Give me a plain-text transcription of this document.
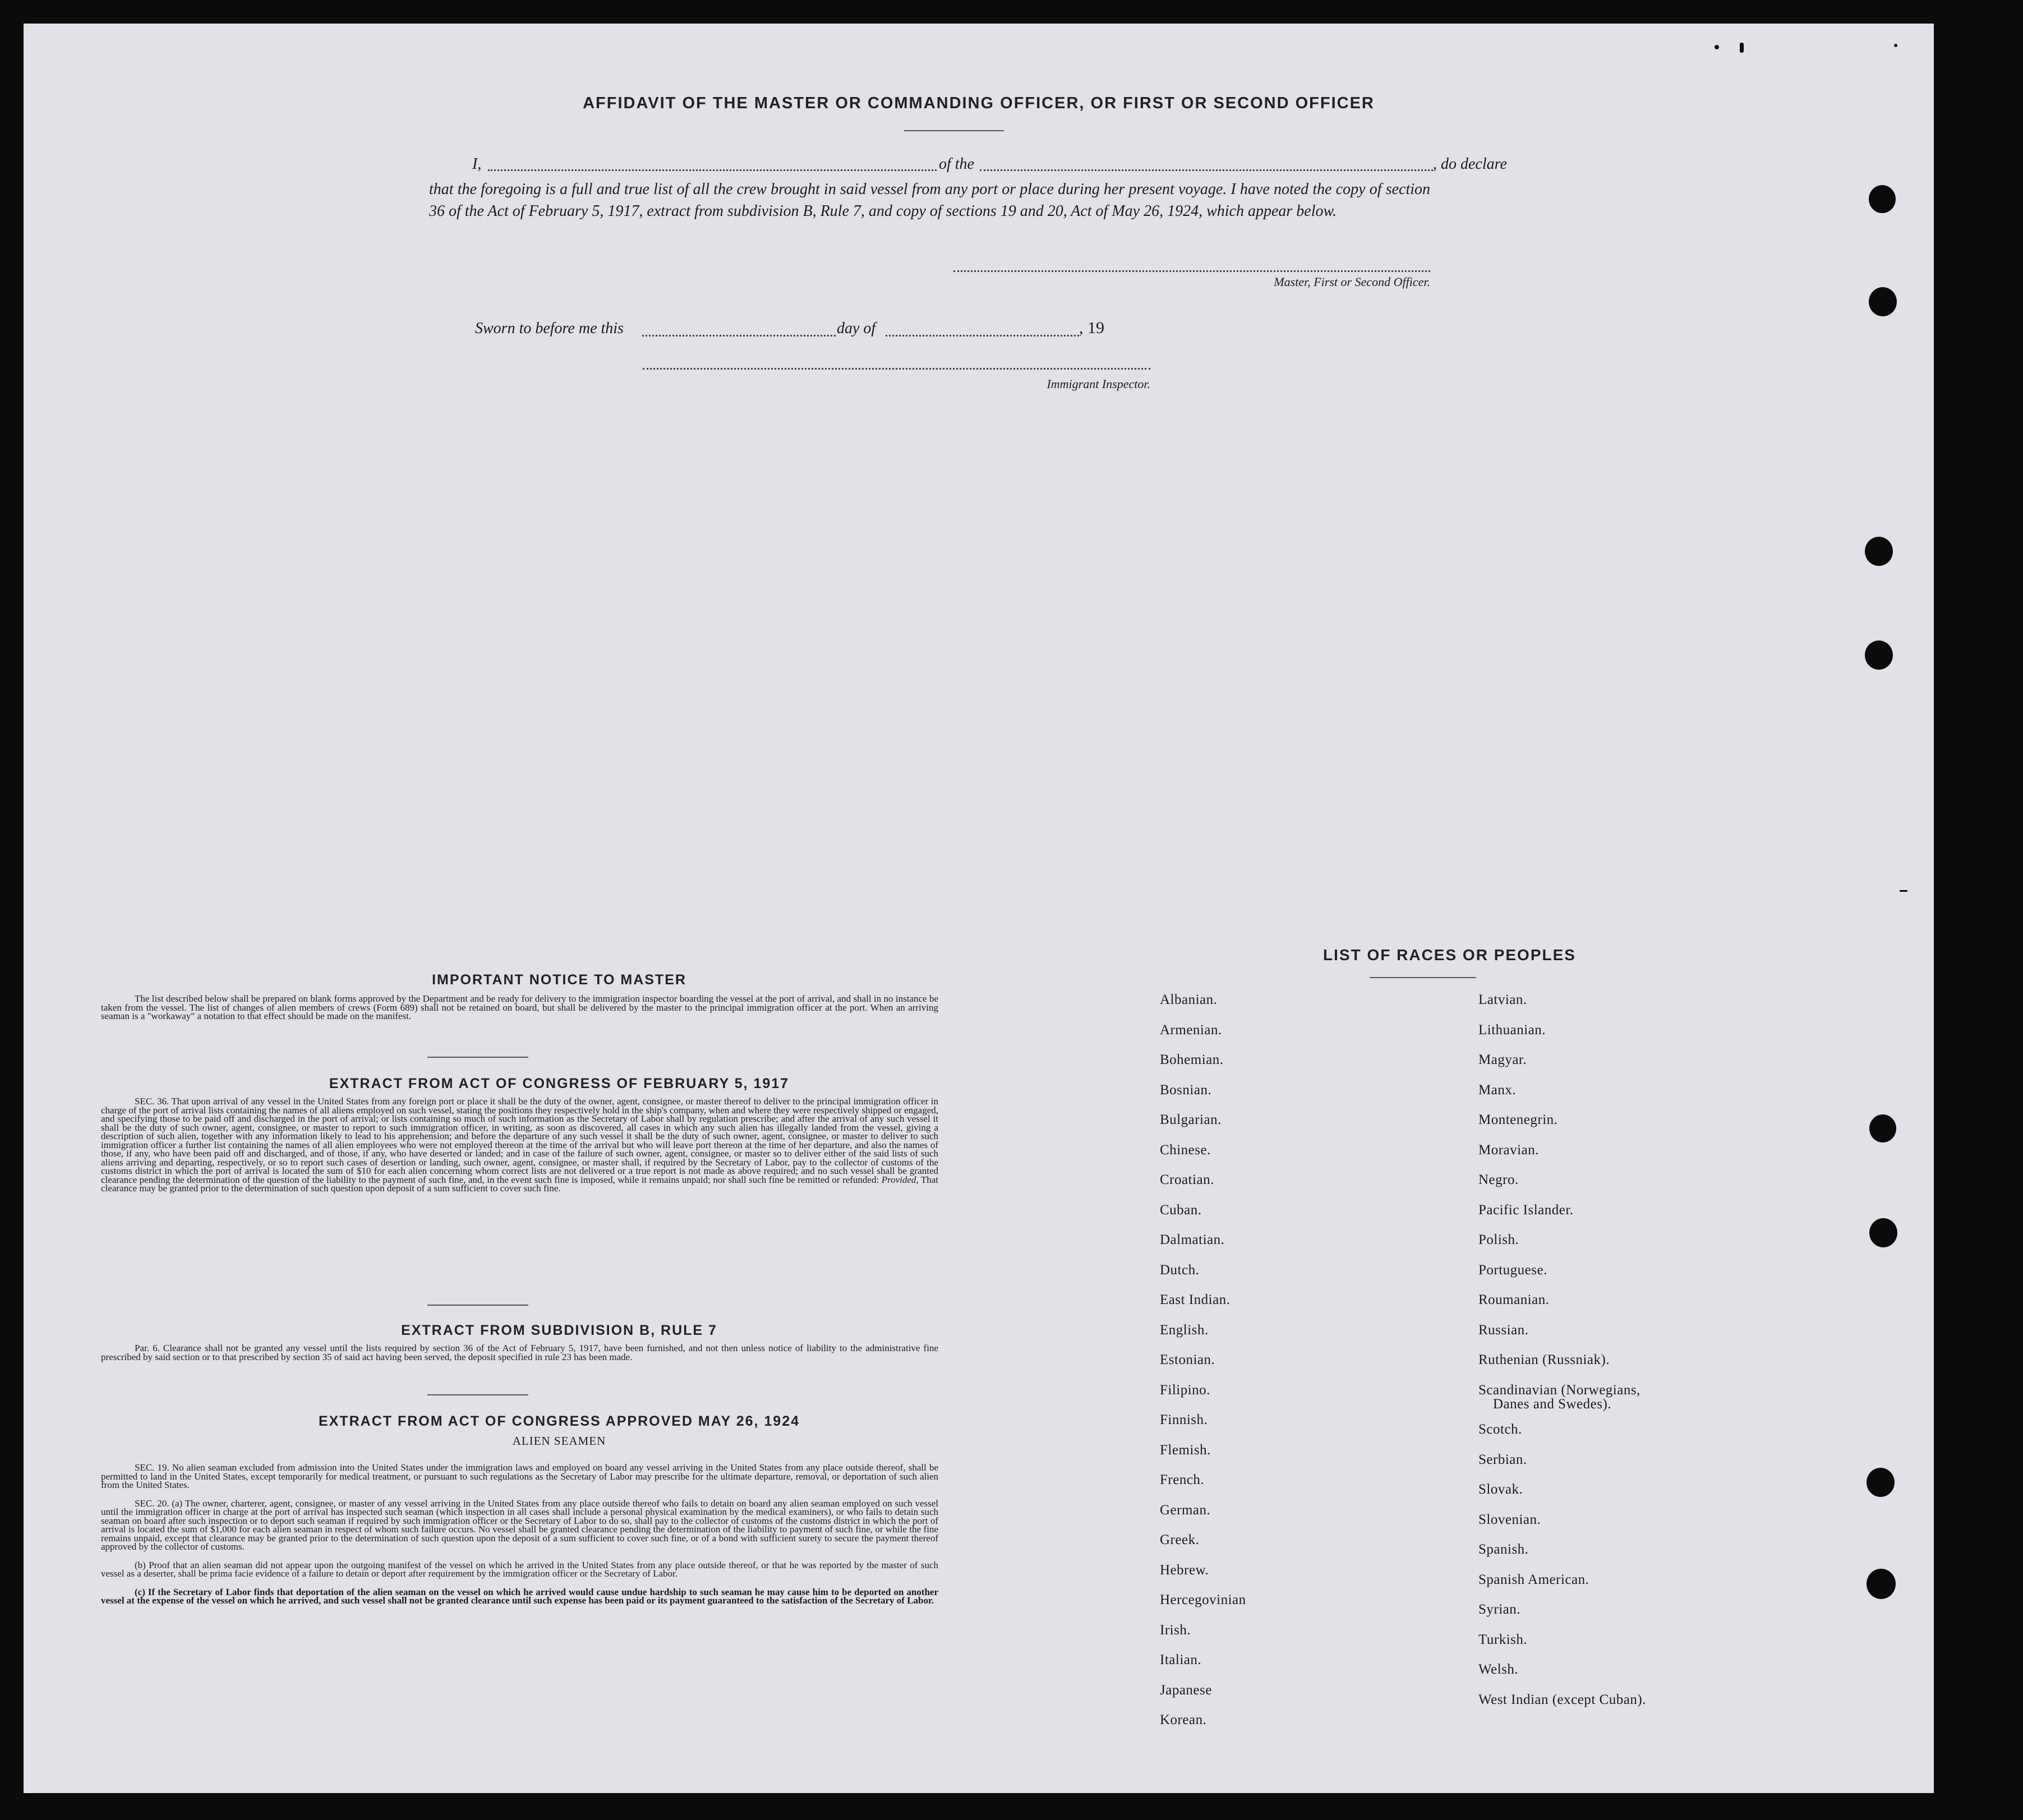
AFFIDAVIT OF THE MASTER OR COMMANDING OFFICER, OR FIRST OR SECOND OFFICER
I,	of the	, do declare
that the foregoing is a full and true list of all the crew brought in said vessel from any port or place during her present voyage. I have noted the copy of section 36 of the Act of February 5, 1917, extract from subdivision B, Rule 7, and copy of sections 19 and 20, Act of May 26, 1924, which appear below.
Master, First or Second Officer.
Sworn to before me this	day of	, 19
Immigrant Inspector.
IMPORTANT NOTICE TO MASTER
The list described below shall be prepared on blank forms approved by the Department and be ready for delivery to the immigration inspector boarding the vessel at the port of arrival, and shall in no instance be taken from the vessel. The list of changes of alien members of crews (Form 689) shall not be retained on board, but shall be delivered by the master to the principal immigration officer at the port. When an arriving seaman is a "workaway" a notation to that effect should be made on the manifest.
EXTRACT FROM ACT OF CONGRESS OF FEBRUARY 5, 1917
SEC. 36. That upon arrival of any vessel in the United States from any foreign port or place it shall be the duty of the owner, agent, consignee, or master thereof to deliver to the principal immigration officer in charge of the port of arrival lists containing the names of all aliens employed on such vessel, stating the positions they respectively hold in the ship's company, when and where they were respectively shipped or engaged, and specifying those to be paid off and discharged in the port of arrival; or lists containing so much of such information as the Secretary of Labor shall by regulation prescribe; and after the arrival of any such vessel it shall be the duty of such owner, agent, consignee, or master to report to such immigration officer, in writing, as soon as discovered, all cases in which any such alien has illegally landed from the vessel, giving a description of such alien, together with any information likely to lead to his apprehension; and before the departure of any such vessel it shall be the duty of such owner, agent, consignee, or master to deliver to such immigration officer a further list containing the names of all alien employees who were not employed thereon at the time of the arrival but who will leave port thereon at the time of her departure, and also the names of those, if any, who have been paid off and discharged, and of those, if any, who have deserted or landed; and in case of the failure of such owner, agent, consignee, or master so to deliver either of the said lists of such aliens arriving and departing, respectively, or so to report such cases of desertion or landing, such owner, agent, consignee, or master shall, if required by the Secretary of Labor, pay to the collector of customs of the customs district in which the port of arrival is located the sum of $10 for each alien concerning whom correct lists are not delivered or a true report is not made as above required; and no such vessel shall be granted clearance pending the determination of the question of the liability to the payment of such fine, and, in the event such fine is imposed, while it remains unpaid; nor shall such fine be remitted or refunded: Provided, That clearance may be granted prior to the determination of such question upon deposit of a sum sufficient to cover such fine.
EXTRACT FROM SUBDIVISION B, RULE 7
Par. 6. Clearance shall not be granted any vessel until the lists required by section 36 of the Act of February 5, 1917, have been furnished, and not then unless notice of liability to the administrative fine prescribed by said section or to that prescribed by section 35 of said act having been served, the deposit specified in rule 23 has been made.
EXTRACT FROM ACT OF CONGRESS APPROVED MAY 26, 1924
ALIEN SEAMEN

SEC. 19. No alien seaman excluded from admission into the United States under the immigration laws and employed on board any vessel arriving in the United States from any place outside thereof, shall be permitted to land in the United States, except temporarily for medical treatment, or pursuant to such regulations as the Secretary of Labor may prescribe for the ultimate departure, removal, or deportation of such alien from the United States.

SEC. 20. (a) The owner, charterer, agent, consignee, or master of any vessel arriving in the United States from any place outside thereof who fails to detain on board any alien seaman employed on such vessel until the immigration officer in charge at the port of arrival has inspected such seaman (which inspection in all cases shall include a personal physical examination by the medical examiners), or who fails to detain such seaman on board after such inspection or to deport such seaman if required by such immigration officer or the Secretary of Labor to do so, shall pay to the collector of customs of the customs district in which the port of arrival is located the sum of $1,000 for each alien seaman in respect of whom such failure occurs. No vessel shall be granted clearance pending the determination of the liability to payment of such fine, or while the fine remains unpaid, except that clearance may be granted prior to the determination of such question upon the deposit of a sum sufficient to cover such fine, or of a bond with sufficient surety to secure the payment thereof approved by the collector of customs.

(b) Proof that an alien seaman did not appear upon the outgoing manifest of the vessel on which he arrived in the United States from any place outside thereof, or that he was reported by the master of such vessel as a deserter, shall be prima facie evidence of a failure to detain or deport after requirement by the immigration officer or the Secretary of Labor.

(c) If the Secretary of Labor finds that deportation of the alien seaman on the vessel on which he arrived would cause undue hardship to such seaman he may cause him to be deported on another vessel at the expense of the vessel on which he arrived, and such vessel shall not be granted clearance until such expense has been paid or its payment guaranteed to the satisfaction of the Secretary of Labor.

LIST OF RACES OR PEOPLES
Albanian.
Armenian.
Bohemian.
Bosnian.
Bulgarian.
Chinese.
Croatian.
Cuban.
Dalmatian.
Dutch.
East Indian.
English.
Estonian.
Filipino.
Finnish.
Flemish.
French.
German.
Greek.
Hebrew.
Hercegovinian
Irish.
Italian.
Japanese
Korean.
Latvian.
Lithuanian.
Magyar.
Manx.
Montenegrin.
Moravian.
Negro.
Pacific Islander.
Polish.
Portuguese.
Roumanian.
Russian.
Ruthenian (Russniak).
Scandinavian (Norwegians,
Danes and Swedes).
Scotch.
Serbian.
Slovak.
Slovenian.
Spanish.
Spanish American.
Syrian.
Turkish.
Welsh.
West Indian (except Cuban).
